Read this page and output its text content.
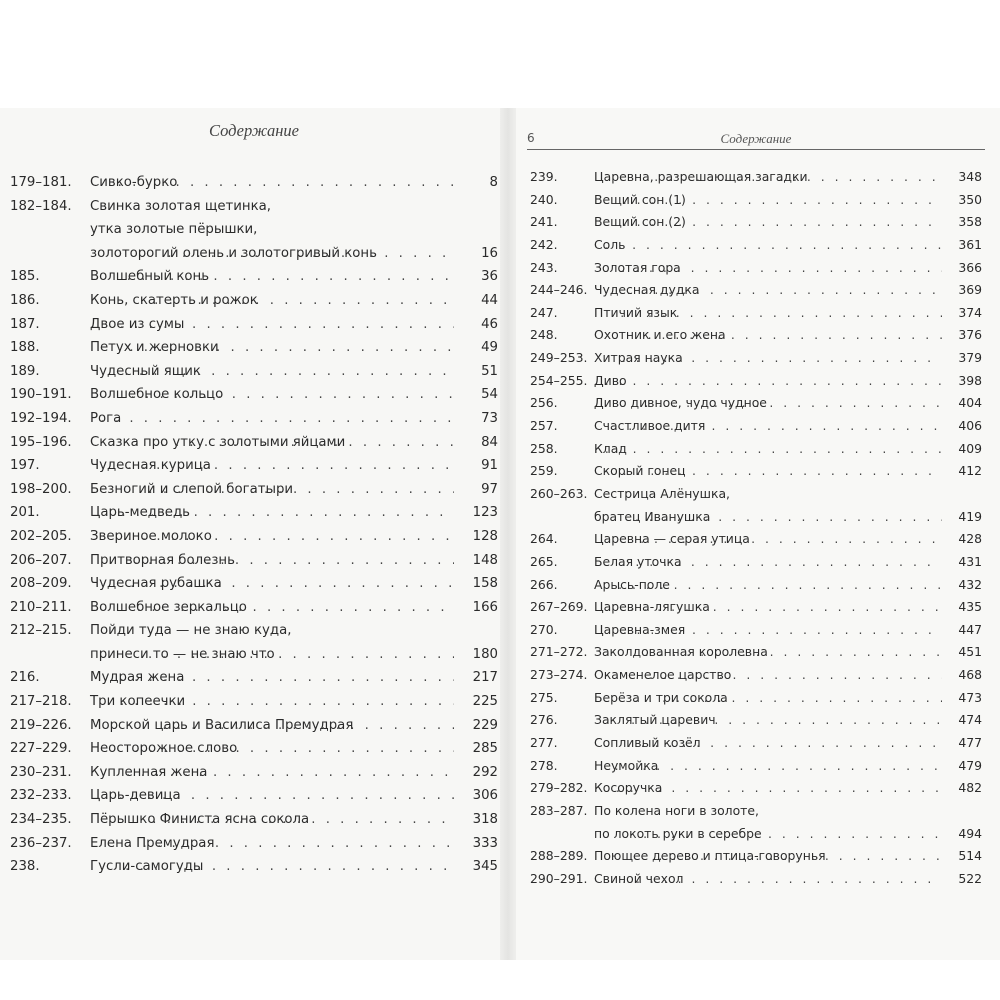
Содержание	6	Содержание
179–181. Сивко-бурко . . .	8
182–184. Свинка золотая щетинка,
утка золотые пёрышки,
золоторогий олень и золотогривый конь . . .	16
185.	Волшебный конь . . .	36
186.	Конь, скатерть и рожок . . .	44
187.	Двое из сумы . . .	46
188.	Петух и жерновки . . .	49
189.	Чудесный ящик . . .	51
190–191. Волшебное кольцо . . .	54
192–194. Рога . . .	73
195–196. Сказка про утку с золотыми яйцами . . .	84
197.	Чудесная курица . . .	91
198–200. Безногий и слепой богатыри . . .	97
201.	Царь-медведь . . .	123
202–205. Звериное молоко . . .	128
206–207. Притворная болезнь . . .	148
208–209. Чудесная рубашка . . .	158
210–211. Волшебное зеркальцо . . .	166
212–215. Пойди туда — не знаю куда,
принеси то — не знаю что . . .	180
216.	Мудрая жена . . .	217
217–218. Три копеечки . . .	225
219–226. Морской царь и Василиса Премудрая . . .	229
227–229. Неосторожное слово . . .	285
230–231. Купленная жена . . .	292
232–233. Царь-девица . . .	306
234–235. Пёрышко Финиста ясна сокола . . .	318
236–237. Елена Премудрая . . .	333
238.	Гусли-самогуды . . .	345
239.	Царевна, разрешающая загадки . . .	348
240.	Вещий сон (1) . . .	350
241.	Вещий сон (2) . . .	358
242.	Соль . . .	361
243.	Золотая гора . . .	366
244–246. Чудесная дудка . . .	369
247.	Птичий язык . . .	374
248.	Охотник и его жена . . .	376
249–253. Хитрая наука . . .	379
254–255. Диво . . .	398
256.	Диво дивное, чудо чудное . . .	404
257.	Счастливое дитя . . .	406
258.	Клад . . .	409
259.	Скорый гонец . . .	412
260–263. Сестрица Алёнушка,
братец Иванушка . . .	419
264.	Царевна — серая утица . . .	428
265.	Белая уточка . . .	431
266.	Арысь-поле . . .	432
267–269. Царевна-лягушка . . .	435
270.	Царевна-змея . . .	447
271–272. Заколдованная королевна . . .	451
273–274. Окаменелое царство . . .	468
275.	Берёза и три сокола . . .	473
276.	Заклятый царевич . . .	474
277.	Сопливый козёл . . .	477
278.	Неумойка . . .	479
279–282. Косоручка . . .	482
283–287. По колена ноги в золоте,
по локоть руки в серебре . . .	494
288–289. Поющее дерево и птица-говорунья . . .	514
290–291. Свиной чехол . . .	522
